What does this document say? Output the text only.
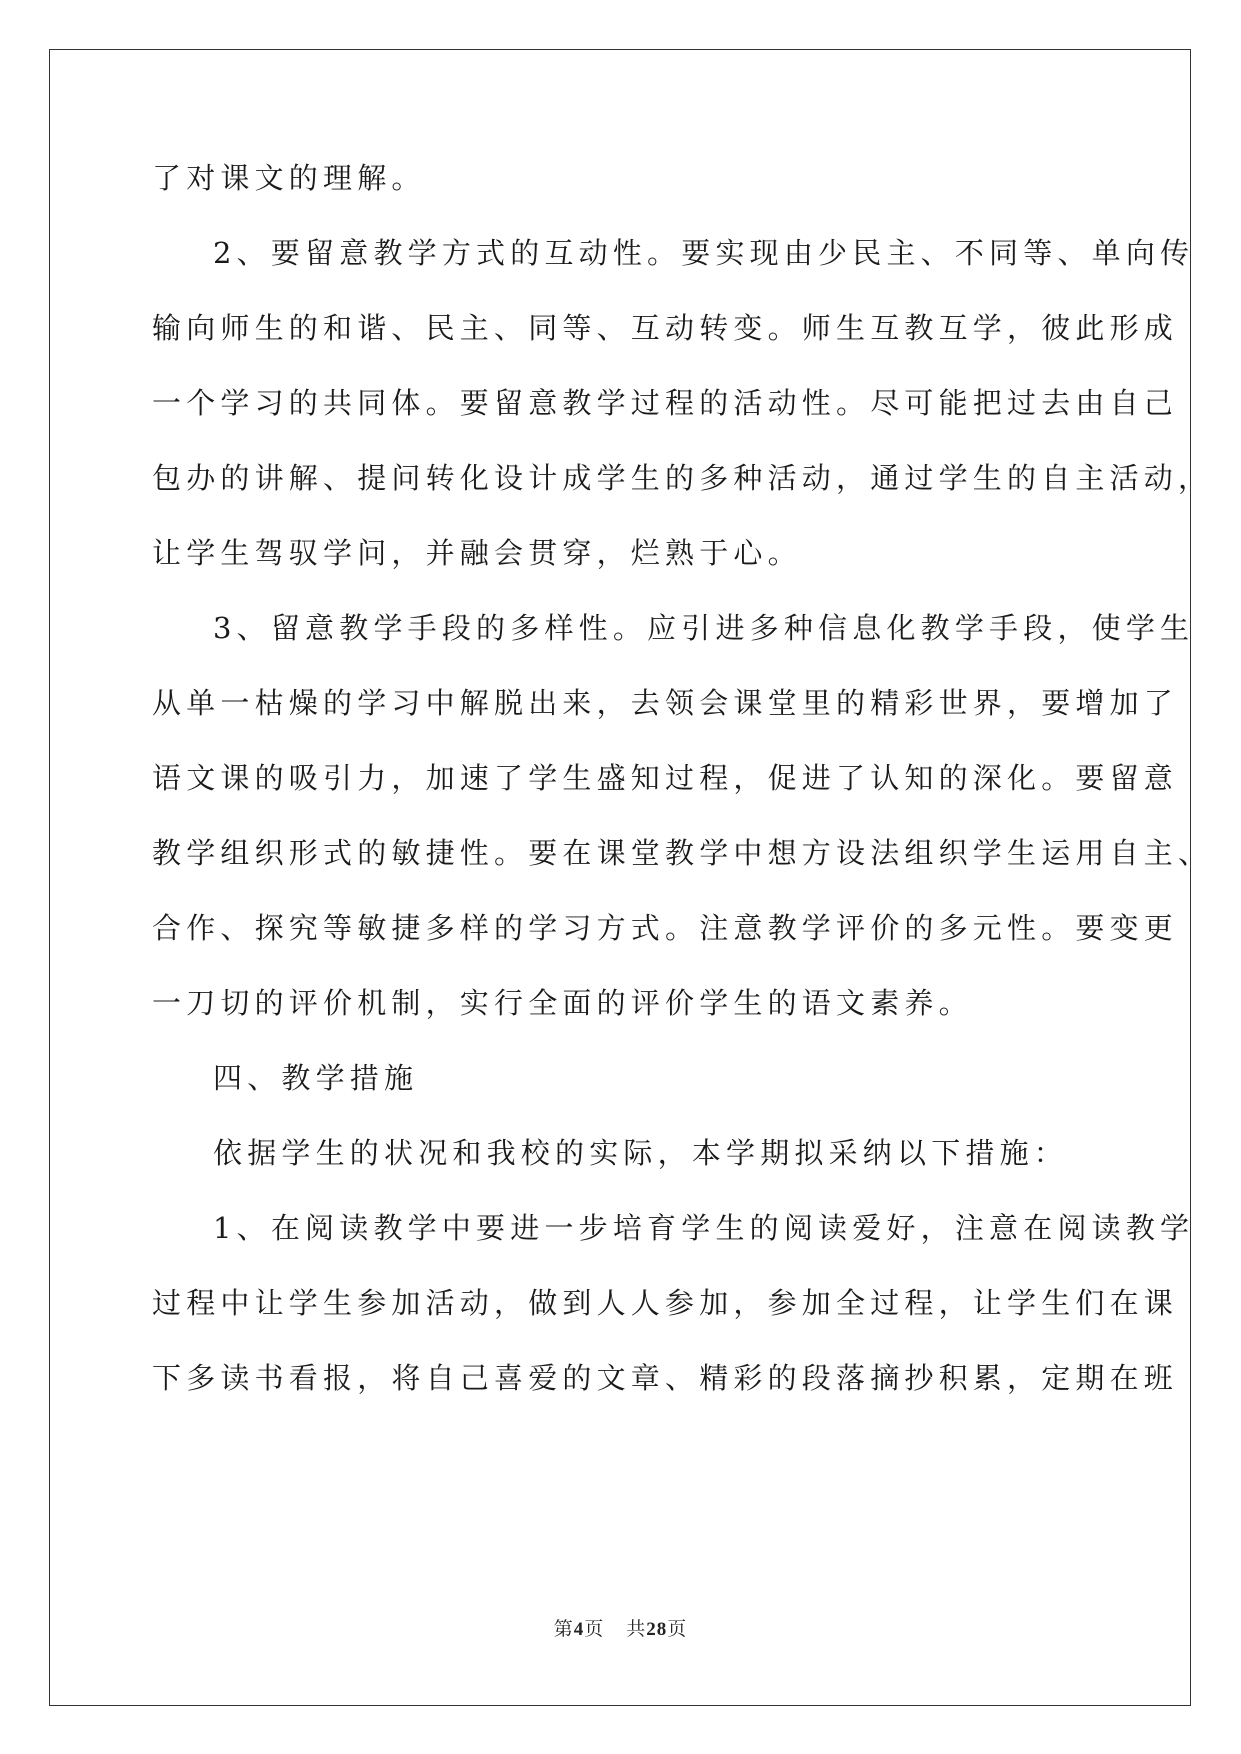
了对课文的理解。
2、要留意教学方式的互动性。要实现由少民主、不同等、单向传
输向师生的和谐、民主、同等、互动转变。师生互教互学，彼此形成
一个学习的共同体。要留意教学过程的活动性。尽可能把过去由自己
包办的讲解、提问转化设计成学生的多种活动，通过学生的自主活动，
让学生驾驭学问，并融会贯穿，烂熟于心。
3、留意教学手段的多样性。应引进多种信息化教学手段，使学生
从单一枯燥的学习中解脱出来，去领会课堂里的精彩世界，要增加了
语文课的吸引力，加速了学生盛知过程，促进了认知的深化。要留意
教学组织形式的敏捷性。要在课堂教学中想方设法组织学生运用自主、
合作、探究等敏捷多样的学习方式。注意教学评价的多元性。要变更
一刀切的评价机制，实行全面的评价学生的语文素养。
四、教学措施
依据学生的状况和我校的实际，本学期拟采纳以下措施：
1、在阅读教学中要进一步培育学生的阅读爱好，注意在阅读教学
过程中让学生参加活动，做到人人参加，参加全过程，让学生们在课
下多读书看报，将自己喜爱的文章、精彩的段落摘抄积累，定期在班
第4页 共28页
